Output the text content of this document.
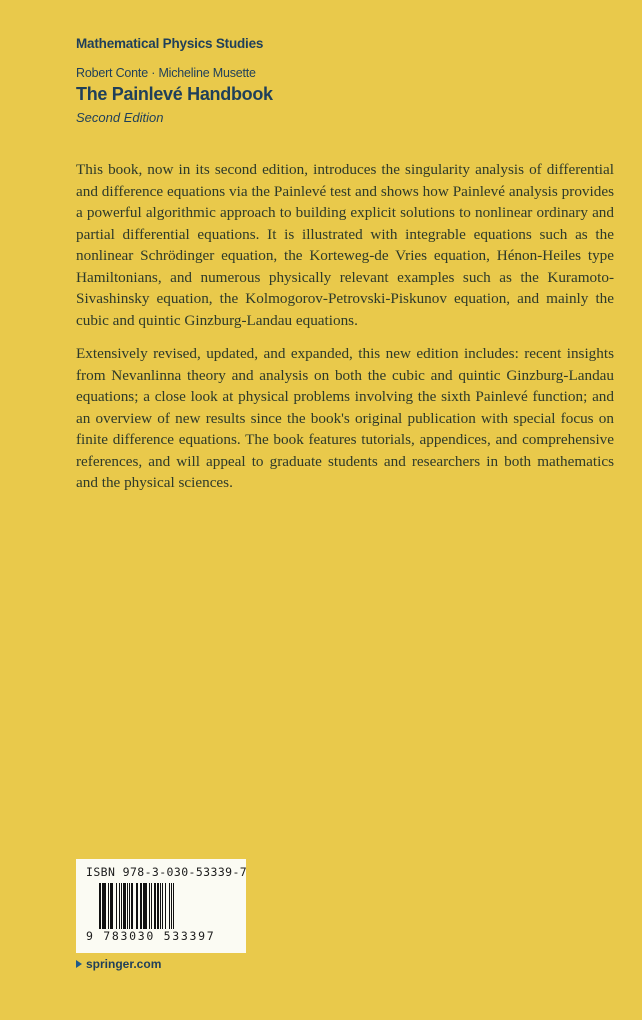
Mathematical Physics Studies
Robert Conte · Micheline Musette
The Painlevé Handbook
Second Edition

This book, now in its second edition, introduces the singularity analysis of differential and difference equations via the Painlevé test and shows how Painlevé analysis provides a powerful algorithmic approach to building explicit solutions to nonlinear ordinary and partial differential equations. It is illustrated with integrable equations such as the nonlinear Schrödinger equation, the Korteweg-de Vries equation, Hénon-Heiles type Hamiltonians, and numerous physically relevant examples such as the Kuramoto-Sivashinsky equation, the Kolmogorov-Petrovski-Piskunov equation, and mainly the cubic and quintic Ginzburg-Landau equations.

Extensively revised, updated, and expanded, this new edition includes: recent insights from Nevanlinna theory and analysis on both the cubic and quintic Ginzburg-Landau equations; a close look at physical problems involving the sixth Painlevé function; and an overview of new results since the book's original publication with special focus on finite difference equations. The book features tutorials, appendices, and comprehensive references, and will appeal to graduate students and researchers in both mathematics and the physical sciences.

ISBN 978-3-030-53339-7
9 783030 533397
springer.com
